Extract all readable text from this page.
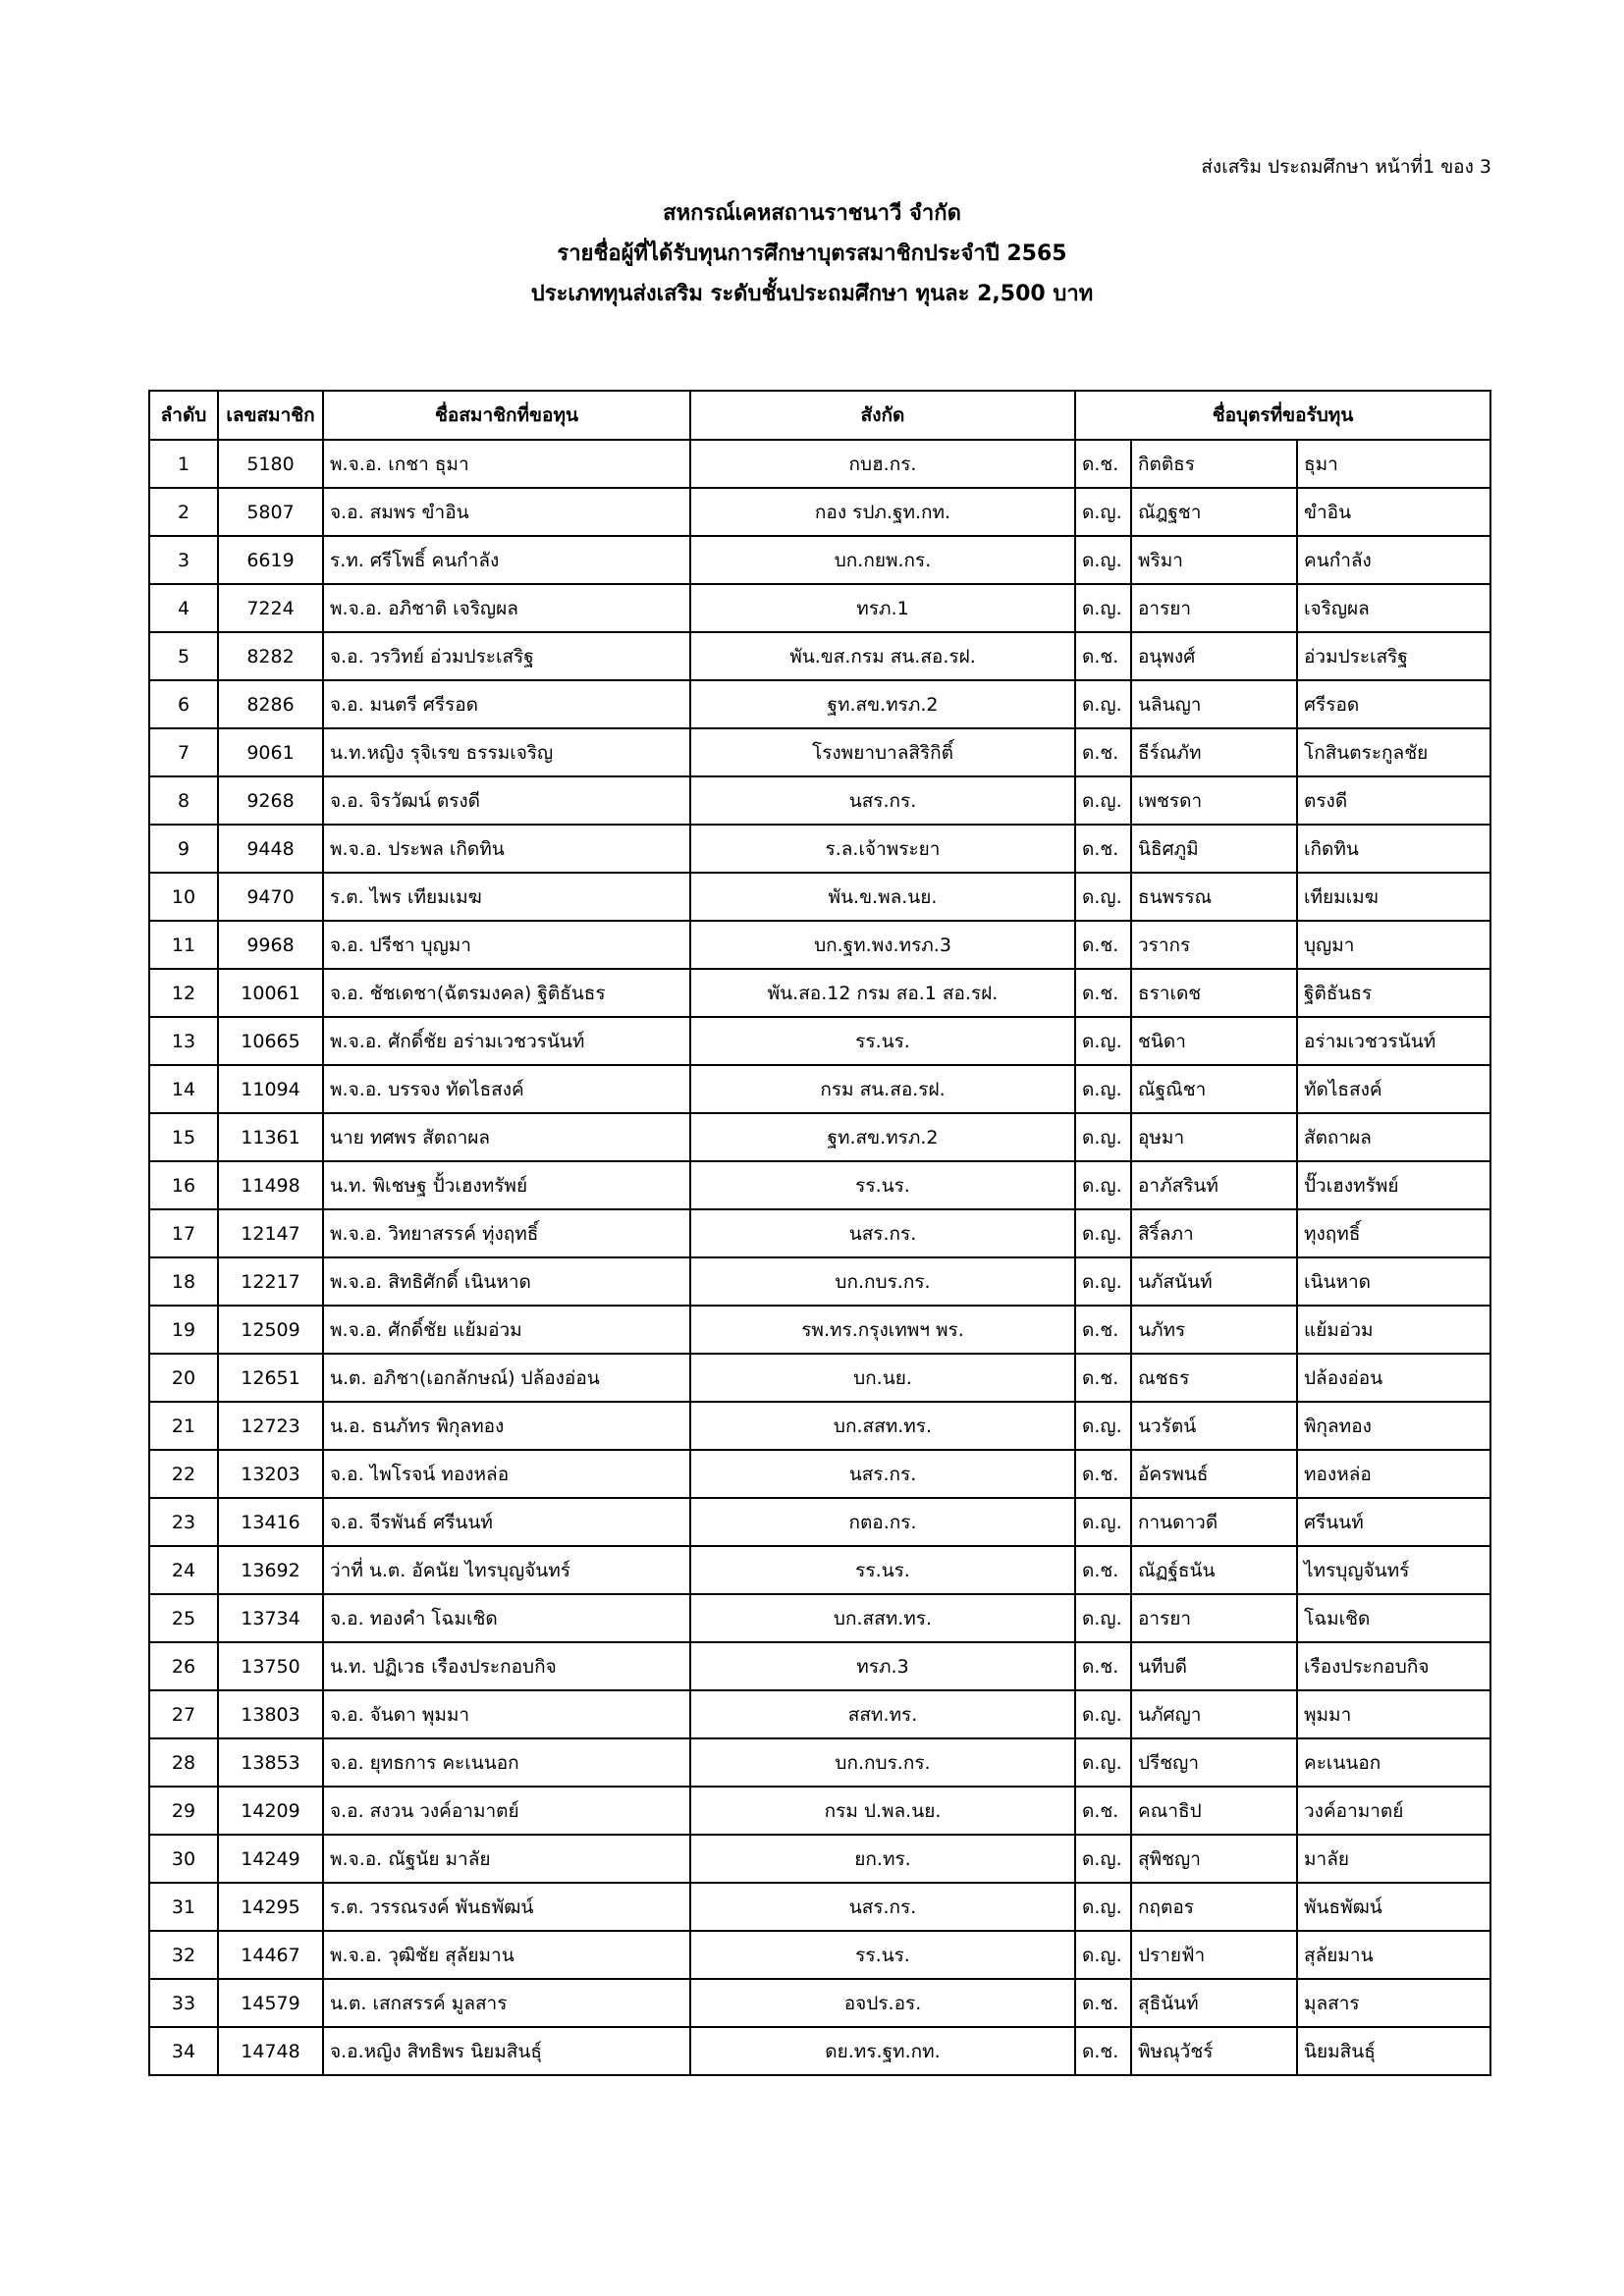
ส่งเสริม ประถมศึกษา หน้าที่1 ของ 3
สหกรณ์เคหสถานราชนาวี จำกัด
รายชื่อผู้ที่ได้รับทุนการศึกษาบุตรสมาชิกประจำปี 2565
ประเภททุนส่งเสริม ระดับชั้นประถมศึกษา ทุนละ 2,500 บาท
ลำดับ	เลขสมาชิก	ชื่อสมาชิกที่ขอทุน	สังกัด	ชื่อบุตรที่ขอรับทุน		
1	5180	พ.จ.อ. เกชา ธุมา	กบฮ.กร.	ด.ช.	กิตติธร	ธุมา
2	5807	จ.อ. สมพร ขำอิน	กอง รปภ.ฐท.กท.	ด.ญ.	ณัฎฐชา	ขำอิน
3	6619	ร.ท. ศรีโพธิ์ คนกำลัง	บก.กยพ.กร.	ด.ญ.	พริมา	คนกำลัง
4	7224	พ.จ.อ. อภิชาติ เจริญผล	ทรภ.1	ด.ญ.	อารยา	เจริญผล
5	8282	จ.อ. วรวิทย์ อ่วมประเสริฐ	พัน.ขส.กรม สน.สอ.รฝ.	ด.ช.	อนุพงศ์	อ่วมประเสริฐ
6	8286	จ.อ. มนตรี ศรีรอด	ฐท.สข.ทรภ.2	ด.ญ.	นลินญา	ศรีรอด
7	9061	น.ท.หญิง รุจิเรข ธรรมเจริญ	โรงพยาบาลสิริกิติ์	ด.ช.	ธีร์ณภัท	โกสินตระกูลชัย
8	9268	จ.อ. จิรวัฒน์ ตรงดี	นสร.กร.	ด.ญ.	เพชรดา	ตรงดี
9	9448	พ.จ.อ. ประพล เกิดทิน	ร.ล.เจ้าพระยา	ด.ช.	นิธิศภูมิ	เกิดทิน
10	9470	ร.ต. ไพร เทียมเมฆ	พัน.ข.พล.นย.	ด.ญ.	ธนพรรณ	เทียมเมฆ
11	9968	จ.อ. ปรีชา บุญมา	บก.ฐท.พง.ทรภ.3	ด.ช.	วรากร	บุญมา
12	10061	จ.อ. ชัชเดชา(ฉัตรมงคล) ฐิติธันธร	พัน.สอ.12 กรม สอ.1 สอ.รฝ.	ด.ช.	ธราเดช	ฐิติธันธร
13	10665	พ.จ.อ. ศักดิ์ชัย อร่ามเวชวรนันท์	รร.นร.	ด.ญ.	ชนิดา	อร่ามเวชวรนันท์
14	11094	พ.จ.อ. บรรจง ทัดไธสงค์	กรม สน.สอ.รฝ.	ด.ญ.	ณัฐณิชา	ทัดไธสงค์
15	11361	นาย ทศพร สัตถาผล	ฐท.สข.ทรภ.2	ด.ญ.	อุษมา	สัตถาผล
16	11498	น.ท. พิเชษฐ ปั้วเฮงทรัพย์	รร.นร.	ด.ญ.	อาภัสรินท์	ปั๊วเฮงทรัพย์
17	12147	พ.จ.อ. วิทยาสรรค์ ทุ่งฤทธิ์	นสร.กร.	ด.ญ.	สิริ์ลภา	ทุงฤทธิ์
18	12217	พ.จ.อ. สิทธิศักดิ์ เนินหาด	บก.กบร.กร.	ด.ญ.	นภัสนันท์	เนินหาด
19	12509	พ.จ.อ. ศักดิ์ชัย แย้มอ่วม	รพ.ทร.กรุงเทพฯ พร.	ด.ช.	นภัทร	แย้มอ่วม
20	12651	น.ต. อภิชา(เอกลักษณ์) ปล้องอ่อน	บก.นย.	ด.ช.	ณชธร	ปล้องอ่อน
21	12723	น.อ. ธนภัทร พิกุลทอง	บก.สสท.ทร.	ด.ญ.	นวรัตน์	พิกุลทอง
22	13203	จ.อ. ไพโรจน์ ทองหล่อ	นสร.กร.	ด.ช.	อัครพนธ์	ทองหล่อ
23	13416	จ.อ. จีรพันธ์ ศรีนนท์	กตอ.กร.	ด.ญ.	กานดาวดี	ศรีนนท์
24	13692	ว่าที่ น.ต. อัคนัย ไทรบุญจันทร์	รร.นร.	ด.ช.	ณัฏฐ์ธนัน	ไทรบุญจันทร์
25	13734	จ.อ. ทองคำ โฉมเชิด	บก.สสท.ทร.	ด.ญ.	อารยา	โฉมเชิด
26	13750	น.ท. ปฏิเวธ เรืองประกอบกิจ	ทรภ.3	ด.ช.	นทีบดี	เรืองประกอบกิจ
27	13803	จ.อ. จันดา พุมมา	สสท.ทร.	ด.ญ.	นภัศญา	พุมมา
28	13853	จ.อ. ยุทธการ คะเนนอก	บก.กบร.กร.	ด.ญ.	ปรีชญา	คะเนนอก
29	14209	จ.อ. สงวน วงค์อามาตย์	กรม ป.พล.นย.	ด.ช.	คณาธิป	วงค์อามาตย์
30	14249	พ.จ.อ. ณัฐนัย มาลัย	ยก.ทร.	ด.ญ.	สุพิชญา	มาลัย
31	14295	ร.ต. วรรณรงค์ พันธพัฒน์	นสร.กร.	ด.ญ.	กฤตอร	พันธพัฒน์
32	14467	พ.จ.อ. วุฒิชัย สุลัยมาน	รร.นร.	ด.ญ.	ปรายฟ้า	สุลัยมาน
33	14579	น.ต. เสกสรรค์ มูลสาร	อจปร.อร.	ด.ช.	สุธินันท์	มุลสาร
34	14748	จ.อ.หญิง สิทธิพร นิยมสินธุ์	ดย.ทร.ฐท.กท.	ด.ช.	พิษณุวัชร์	นิยมสินธุ์
